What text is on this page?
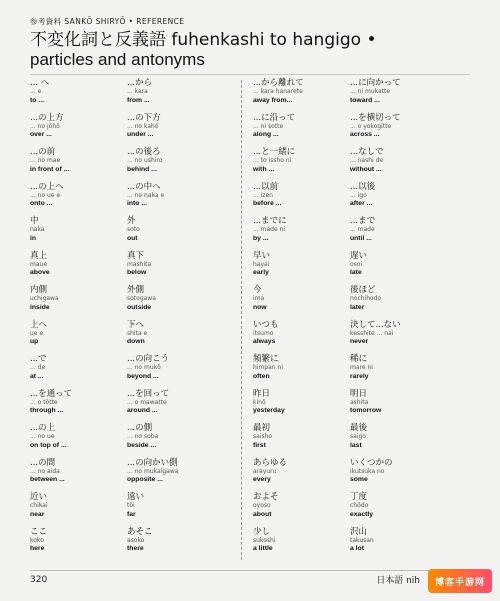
参考資料 SANKŌ SHIRYŌ • REFERENCE
不変化詞と反義語 fuhenkashi to hangigo •
particles and antonyms
... へ
... e
to ...
...の上方
... no jōhō
over ...
...の前
... no mae
in front of ...
...の上へ
... no ue e
onto ...
中
naka
in
真上
maue
above
内側
uchigawa
inside
上へ
ue e
up
...で
... de
at ...
...を通って
... o tōtte
through ...
...の上
... no ue
on top of ...
...の間
... no aida
between ...
近い
chikai
near
ここ
koko
here
...から
... kara
from ...
...の下方
... no kahō
under ...
...の後ろ
... no ushiro
behind ...
...の中へ
... no naka e
into ...
外
soto
out
真下
mashita
below
外側
sotogawa
outside
下へ
shita e
down
...の向こう
... no mukō
beyond ...
...を回って
... o mawatte
around ...
...の側
... no soba
beside ...
...の向かい側
... no mukaigawa
opposite ...
遠い
tōi
far
あそこ
asoko
there
...から離れて
... kara hanarete
away from...
...に沿って
... ni sotte
along ...
...と一緒に
... to issho ni
with ...
...以前
... izen
before ...
...までに
... made ni
by ...
早い
hayai
early
今
ima
now
いつも
itsumo
always
頻繁に
himpan ni
often
昨日
kinō
yesterday
最初
saisho
first
あらゆる
arayuru
every
およそ
oyoso
about
少し
sukoshi
a little
...に向かって
... ni mukatte
toward ...
...を横切って
... o yokogitte
across ...
...なしで
... nashi de
without ...
...以後
... igo
after ...
...まで
... made
until ...
遅い
osoi
late
後ほど
nochihodo
later
決して...ない
kesshite ... nai
never
稀に
mare ni
rarely
明日
ashita
tomorrow
最後
saigo
last
いくつかの
ikutsuka no
some
丁度
chōdo
exactly
沢山
takusan
a lot
320	日本語 nih	博客手游网
